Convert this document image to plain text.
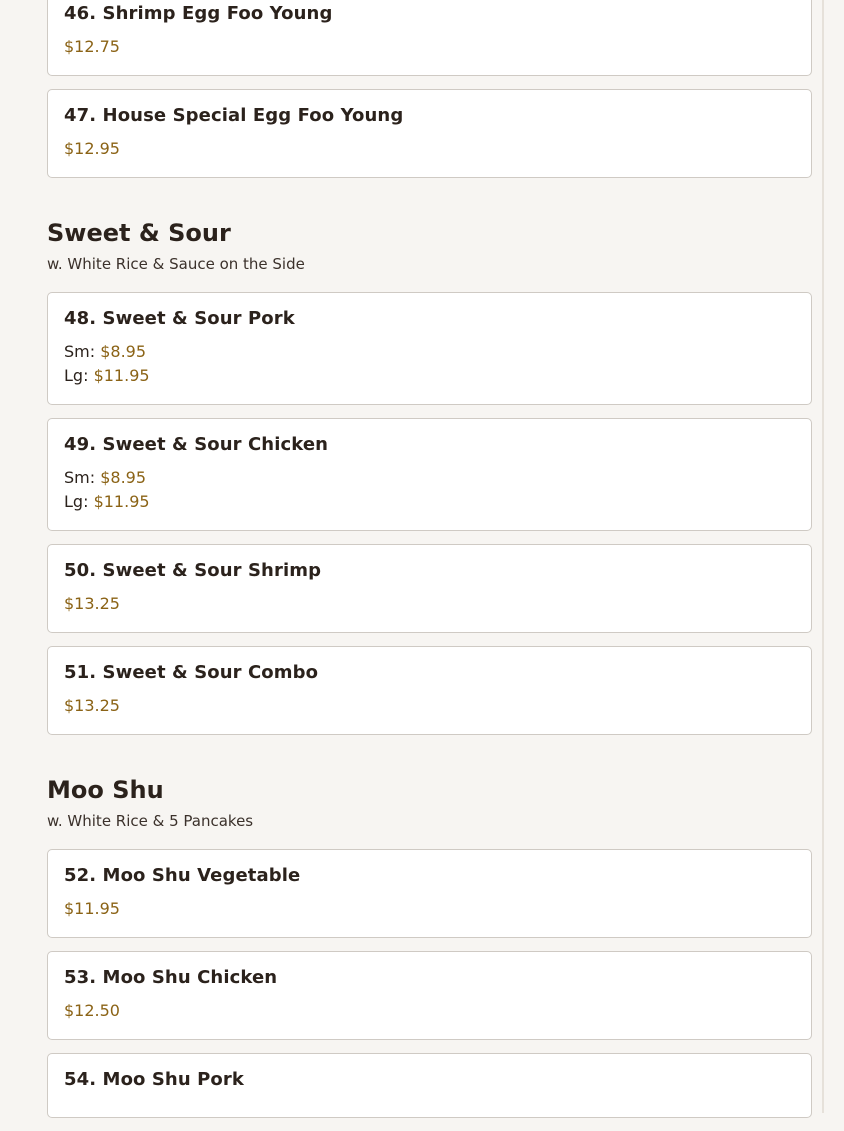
46. Shrimp Egg Foo Young
$12.75
47. House Special Egg Foo Young
$12.95
Sweet & Sour
w. White Rice & Sauce on the Side
48. Sweet & Sour Pork
Sm: $8.95
Lg: $11.95
49. Sweet & Sour Chicken
Sm: $8.95
Lg: $11.95
50. Sweet & Sour Shrimp
$13.25
51. Sweet & Sour Combo
$13.25
Moo Shu
w. White Rice & 5 Pancakes
52. Moo Shu Vegetable
$11.95
53. Moo Shu Chicken
$12.50
54. Moo Shu Pork
